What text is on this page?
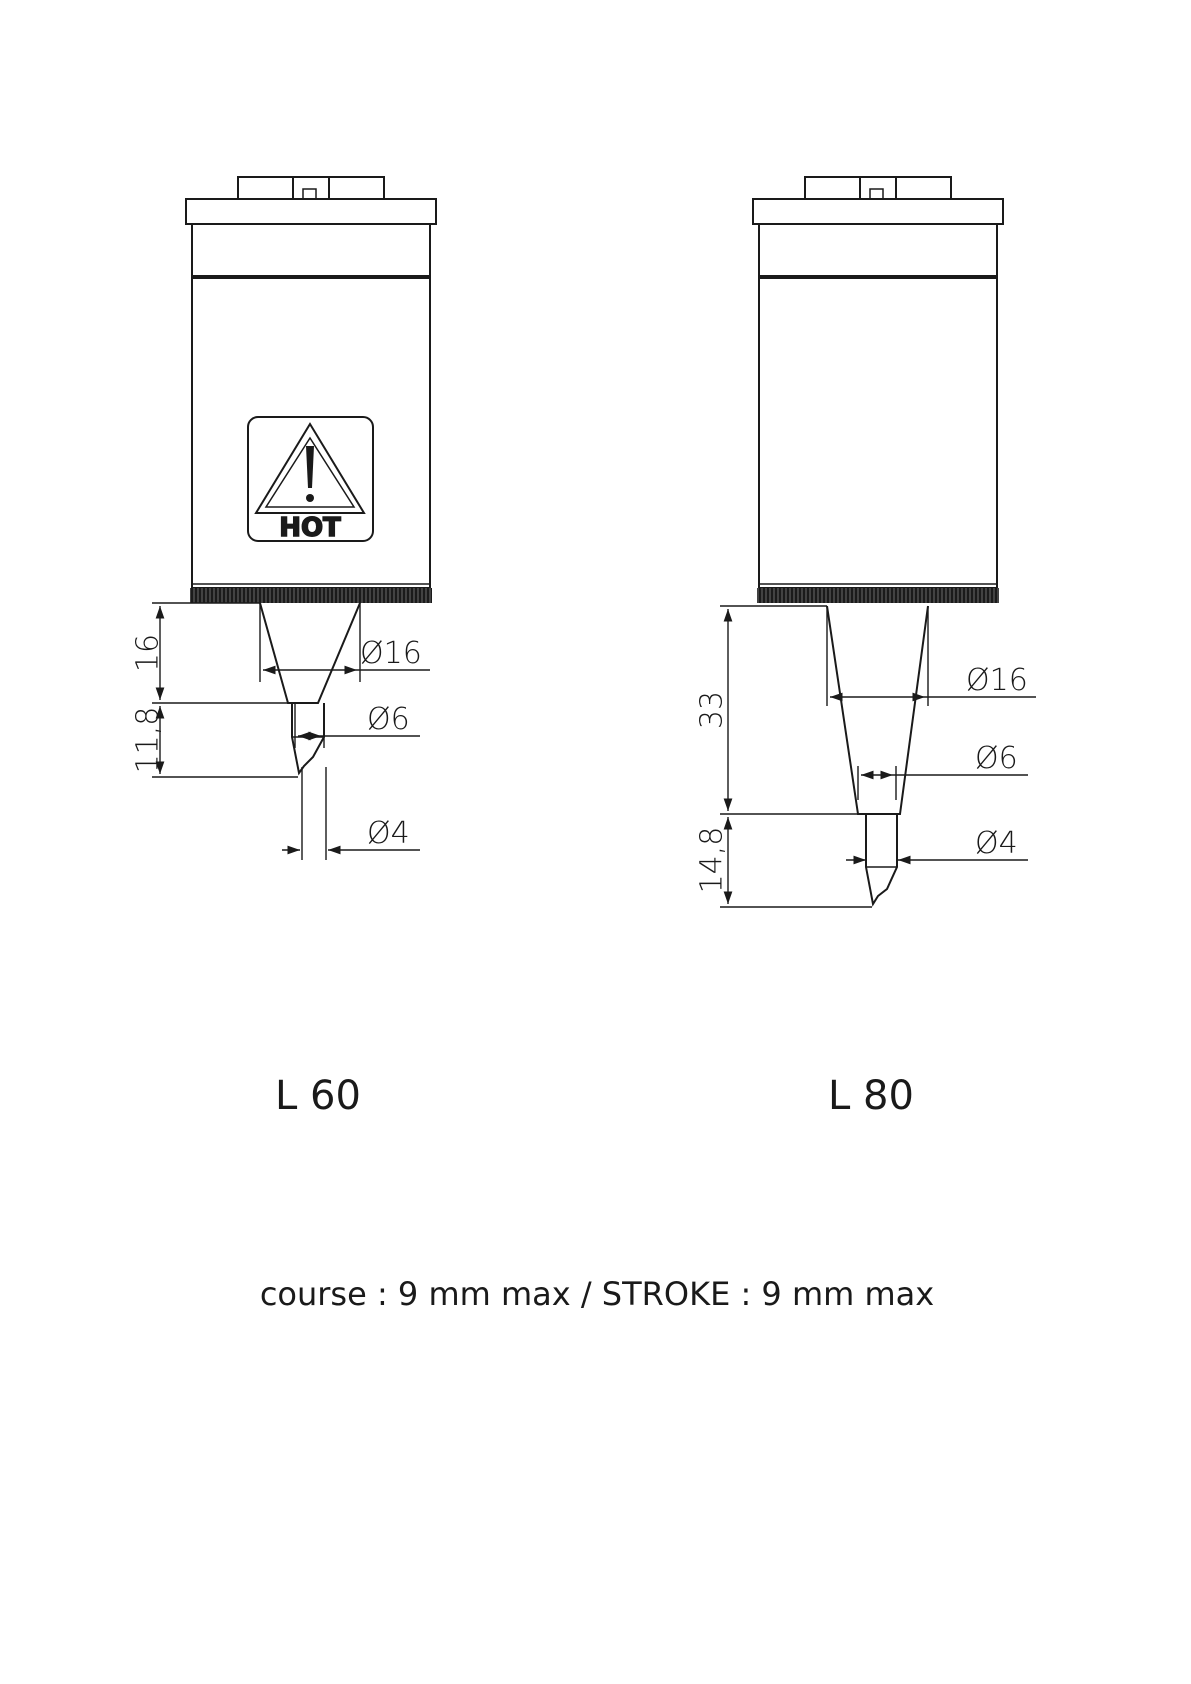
HOT
16
11,8
Ø16
Ø6
Ø4
L 60
33
14,8
Ø16
Ø6
Ø4
L 80
course : 9 mm max / STROKE : 9 mm max
